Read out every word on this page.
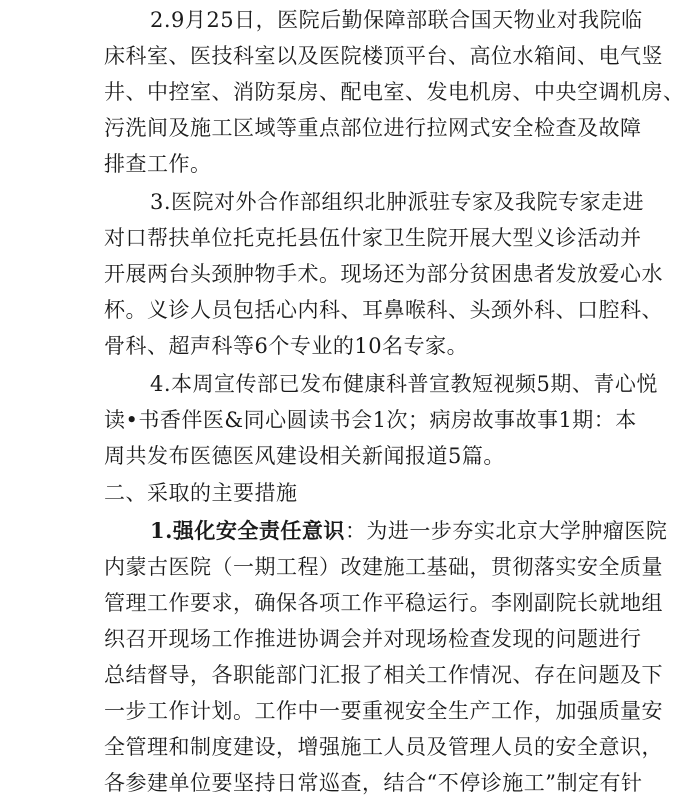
2.9月25日，医院后勤保障部联合国天物业对我院临
床科室、医技科室以及医院楼顶平台、高位水箱间、电气竖
井、中控室、消防泵房、配电室、发电机房、中央空调机房、
污洗间及施工区域等重点部位进行拉网式安全检查及故障
排查工作。
3.医院对外合作部组织北肿派驻专家及我院专家走进
对口帮扶单位托克托县伍什家卫生院开展大型义诊活动并
开展两台头颈肿物手术。现场还为部分贫困患者发放爱心水
杯。义诊人员包括心内科、耳鼻喉科、头颈外科、口腔科、
骨科、超声科等6个专业的10名专家。
4.本周宣传部已发布健康科普宣教短视频5期、青心悦
读•书香伴医&同心圆读书会1次；病房故事故事1期：本
周共发布医德医风建设相关新闻报道5篇。
二、采取的主要措施
1.强化安全责任意识：为进一步夯实北京大学肿瘤医院
内蒙古医院（一期工程）改建施工基础，贯彻落实安全质量
管理工作要求，确保各项工作平稳运行。李刚副院长就地组
织召开现场工作推进协调会并对现场检查发现的问题进行
总结督导，各职能部门汇报了相关工作情况、存在问题及下
一步工作计划。工作中一要重视安全生产工作，加强质量安
全管理和制度建设，增强施工人员及管理人员的安全意识，
各参建单位要坚持日常巡查，结合“不停诊施工”制定有针
